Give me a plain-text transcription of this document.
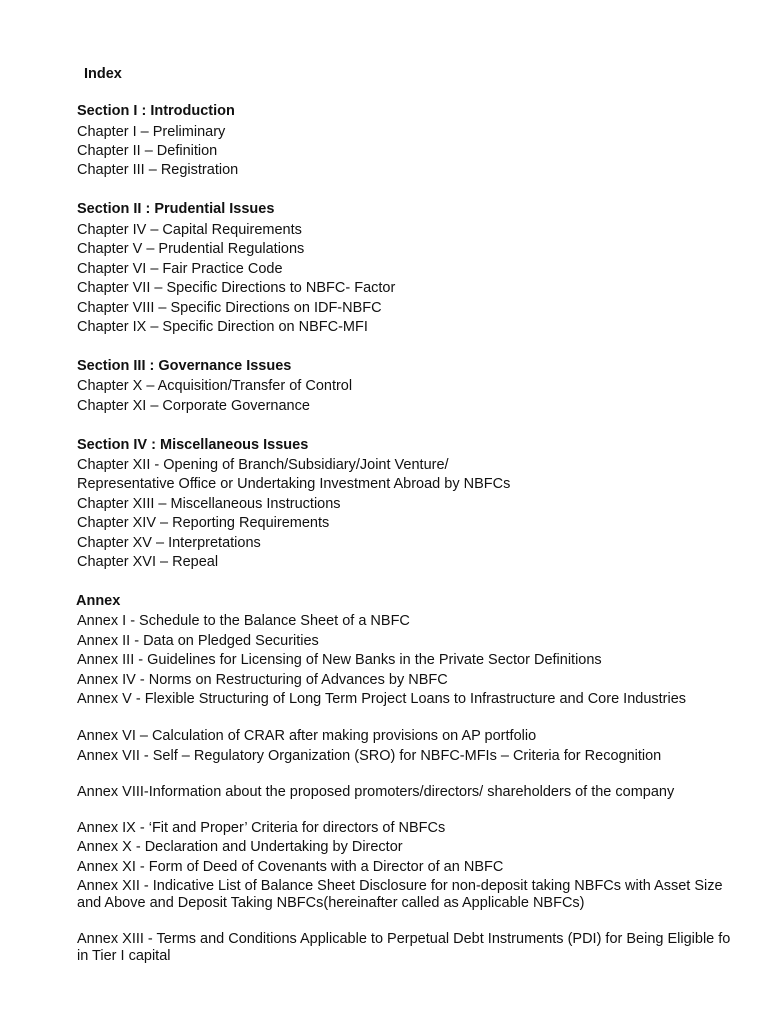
Index
Section I : Introduction
Chapter I – Preliminary
Chapter II – Definition
Chapter III – Registration
Section II : Prudential Issues
Chapter IV – Capital Requirements
Chapter V – Prudential Regulations
Chapter VI – Fair Practice Code
Chapter VII – Specific Directions to NBFC- Factor
Chapter VIII – Specific Directions on IDF-NBFC
Chapter IX – Specific Direction on NBFC-MFI
Section III : Governance Issues
Chapter X – Acquisition/Transfer of Control
Chapter XI – Corporate Governance
Section IV : Miscellaneous Issues
Chapter XII - Opening of Branch/Subsidiary/Joint Venture/
Representative Office or Undertaking Investment Abroad by NBFCs
Chapter XIII – Miscellaneous Instructions
Chapter XIV – Reporting Requirements
Chapter XV – Interpretations
Chapter XVI – Repeal
Annex
Annex I - Schedule to the Balance Sheet of a NBFC
Annex II - Data on Pledged Securities
Annex III - Guidelines for Licensing of New Banks in the Private Sector Definitions
Annex IV - Norms on Restructuring of Advances by NBFC
Annex V - Flexible Structuring of Long Term Project Loans to Infrastructure and Core Industries
Annex VI – Calculation of CRAR after making provisions on AP portfolio
Annex VII - Self – Regulatory Organization (SRO) for NBFC-MFIs – Criteria for Recognition
Annex VIII-Information about the proposed promoters/directors/ shareholders of the company
Annex IX - ‘Fit and Proper’ Criteria for directors of NBFCs
Annex X - Declaration and Undertaking by Director
Annex XI - Form of Deed of Covenants with a Director of an NBFC
Annex XII - Indicative List of Balance Sheet Disclosure for non-deposit taking NBFCs with Asset Size
and Above and Deposit Taking NBFCs(hereinafter called as Applicable NBFCs)
Annex XIII - Terms and Conditions Applicable to Perpetual Debt Instruments (PDI) for Being Eligible fo
in Tier I capital
